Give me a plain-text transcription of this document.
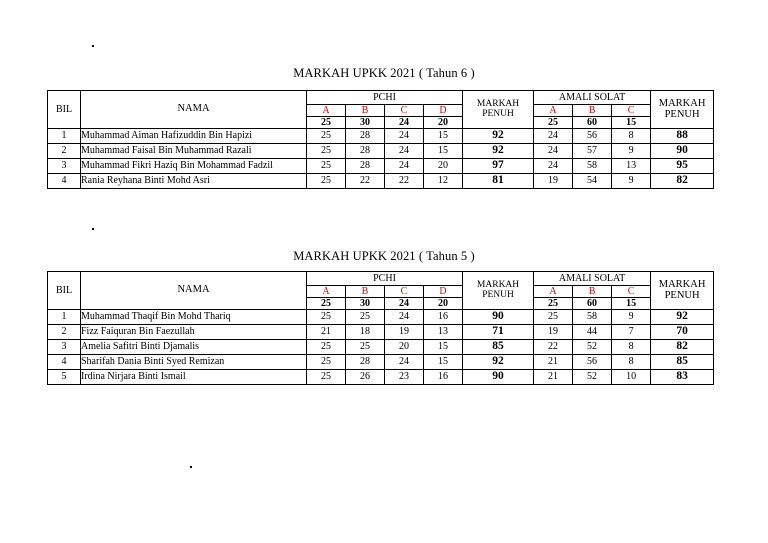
MARKAH UPKK 2021 ( Tahun 6 )
BIL	NAMA	PCHI				MARKAH PENUH	AMALI SOLAT			MARKAH PENUH
		A	B	C	D		A	B	C	
		25	30	24	20		25	60	15	
1	Muhammad Aiman Hafizuddin Bin Hapizi	25	28	24	15	92	24	56	8	88
2	Muhammad Faisal Bin Muhammad Razali	25	28	24	15	92	24	57	9	90
3	Muhammad Fikri Haziq Bin Mohammad Fadzil	25	28	24	20	97	24	58	13	95
4	Rania Reyhana Binti Mohd Asri	25	22	22	12	81	19	54	9	82
MARKAH UPKK 2021 ( Tahun 5 )
BIL	NAMA	PCHI				MARKAH PENUH	AMALI SOLAT			MARKAH PENUH
		A	B	C	D		A	B	C	
		25	30	24	20		25	60	15	
1	Muhammad Thaqif Bin Mohd Thariq	25	25	24	16	90	25	58	9	92
2	Fizz Faiquran Bin Faezullah	21	18	19	13	71	19	44	7	70
3	Amelia Safitri Binti Djamalis	25	25	20	15	85	22	52	8	82
4	Sharifah Dania Binti Syed Remizan	25	28	24	15	92	21	56	8	85
5	Irdina Nirjara Binti Ismail	25	26	23	16	90	21	52	10	83
